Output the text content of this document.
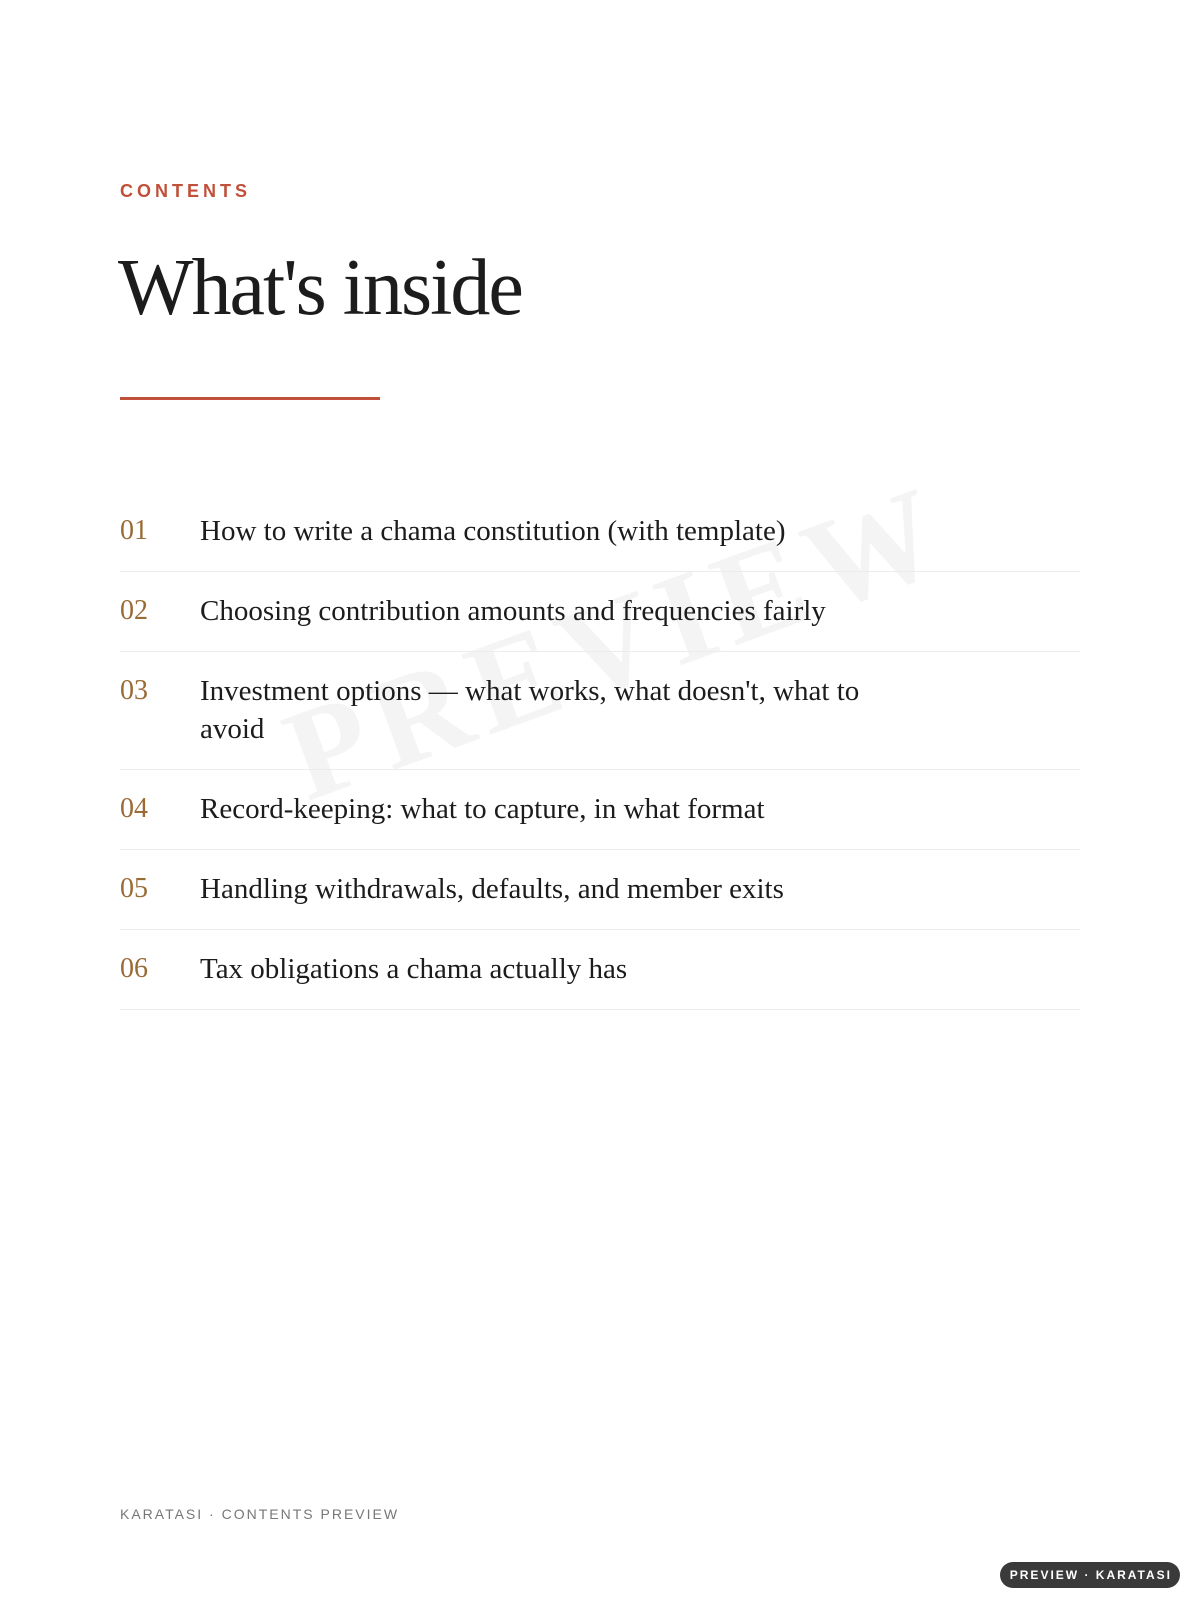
CONTENTS

What's inside
01	How to write a chama constitution (with template)
02	Choosing contribution amounts and frequencies fairly
03	Investment options — what works, what doesn't, what to avoid
04	Record-keeping: what to capture, in what format
05	Handling withdrawals, defaults, and member exits
06	Tax obligations a chama actually has

KARATASI · CONTENTS PREVIEW

PREVIEW · KARATASI
